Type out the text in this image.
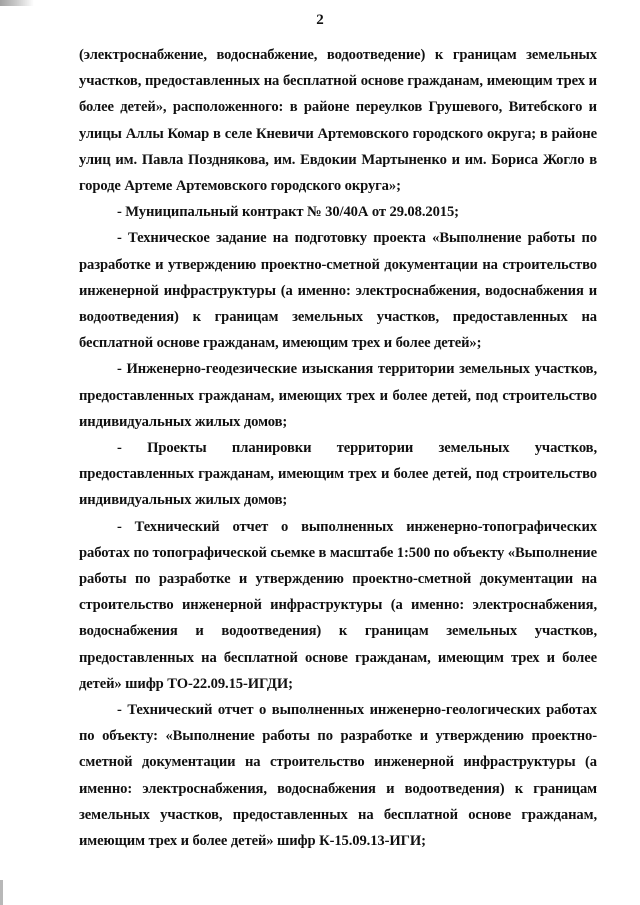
2

(электроснабжение, водоснабжение, водоотведение) к границам земельных участков, предоставленных на бесплатной основе гражданам, имеющим трех и более детей», расположенного: в районе переулков Грушевого, Витебского и улицы Аллы Комар в селе Кневичи Артемовского городского округа; в районе улиц им. Павла Позднякова, им. Евдокии Мартыненко и им. Бориса Жогло в городе Артеме Артемовского городского округа»;

- Муниципальный контракт № 30/40А от 29.08.2015;

- Техническое задание на подготовку проекта «Выполнение работы по разработке и утверждению проектно-сметной документации на строительство инженерной инфраструктуры (а именно: электроснабжения, водоснабжения и водоотведения) к границам земельных участков, предоставленных на бесплатной основе гражданам, имеющим трех и более детей»;

- Инженерно-геодезические изыскания территории земельных участков, предоставленных гражданам, имеющих трех и более детей, под строительство индивидуальных жилых домов;

- Проекты планировки территории земельных участков, предоставленных гражданам, имеющим трех и более детей, под строительство индивидуальных жилых домов;

- Технический отчет о выполненных инженерно-топографических работах по топографической сьемке в масштабе 1:500 по объекту «Выполнение работы по разработке и утверждению проектно-сметной документации на строительство инженерной инфраструктуры (а именно: электроснабжения, водоснабжения и водоотведения) к границам земельных участков, предоставленных на бесплатной основе гражданам, имеющим трех и более детей» шифр ТО-22.09.15-ИГДИ;

- Технический отчет о выполненных инженерно-геологических работах по объекту: «Выполнение работы по разработке и утверждению проектно-сметной документации на строительство инженерной инфраструктуры (а именно: электроснабжения, водоснабжения и водоотведения) к границам земельных участков, предоставленных на бесплатной основе гражданам, имеющим трех и более детей» шифр К-15.09.13-ИГИ;
